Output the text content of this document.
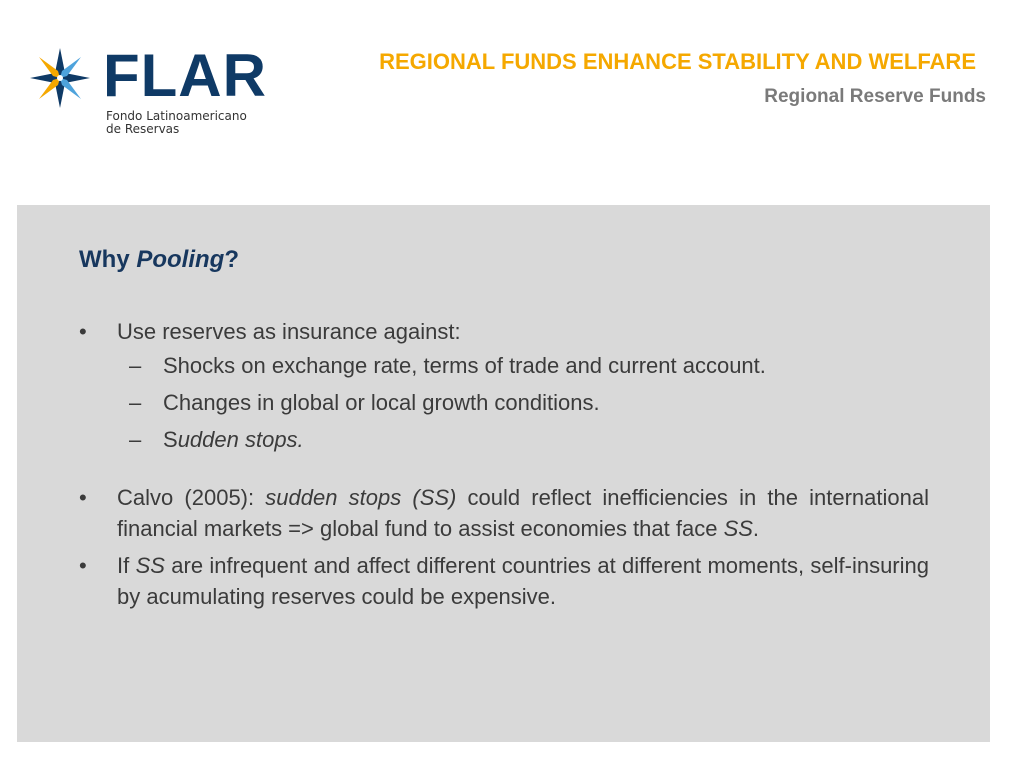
FLAR
Fondo Latinoamericano
de Reservas
REGIONAL FUNDS ENHANCE STABILITY AND WELFARE
Regional Reserve Funds
Why Pooling?
• Use reserves as insurance against:
– Shocks on exchange rate, terms of trade and current account.
– Changes in global or local growth conditions.
– Sudden stops.
• Calvo (2005): sudden stops (SS) could reflect inefficiencies in the international financial markets => global fund to assist economies that face SS.
• If SS are infrequent and affect different countries at different moments, self-insuring by acumulating reserves could be expensive.
